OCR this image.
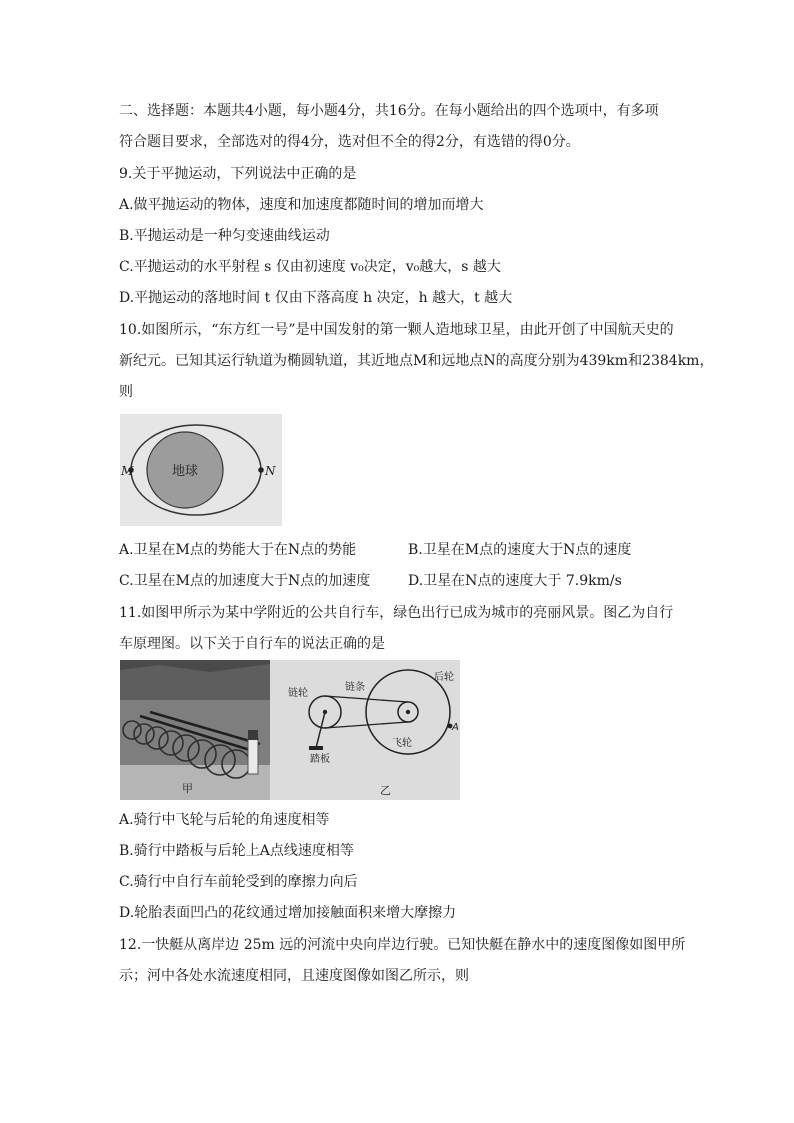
二、选择题：本题共4小题，每小题4分，共16分。在每小题给出的四个选项中，有多项
符合题目要求，全部选对的得4分，选对但不全的得2分，有选错的得0分。
9.关于平抛运动，下列说法中正确的是
A.做平抛运动的物体，速度和加速度都随时间的增加而增大
B.平抛运动是一种匀变速曲线运动
C.平抛运动的水平射程 s 仅由初速度 v₀决定，v₀越大，s 越大
D.平抛运动的落地时间 t 仅由下落高度 h 决定，h 越大，t 越大
10.如图所示，“东方红一号”是中国发射的第一颗人造地球卫星，由此开创了中国航天史的
新纪元。已知其运行轨道为椭圆轨道，其近地点M和远地点N的高度分别为439km和2384km，
则
地球
M	N
A.卫星在M点的势能大于在N点的势能	B.卫星在M点的速度大于N点的速度
C.卫星在M点的加速度大于N点的加速度	D.卫星在N点的速度大于 7.9km/s
11.如图甲所示为某中学附近的公共自行车，绿色出行已成为城市的亮丽风景。图乙为自行
车原理图。以下关于自行车的说法正确的是
甲
链轮
链条
后轮
飞轮
踏板
A
乙
A.骑行中飞轮与后轮的角速度相等
B.骑行中踏板与后轮上A点线速度相等
C.骑行中自行车前轮受到的摩擦力向后
D.轮胎表面凹凸的花纹通过增加接触面积来增大摩擦力
12.一快艇从离岸边 25m 远的河流中央向岸边行驶。已知快艇在静水中的速度图像如图甲所
示；河中各处水流速度相同，且速度图像如图乙所示，则
